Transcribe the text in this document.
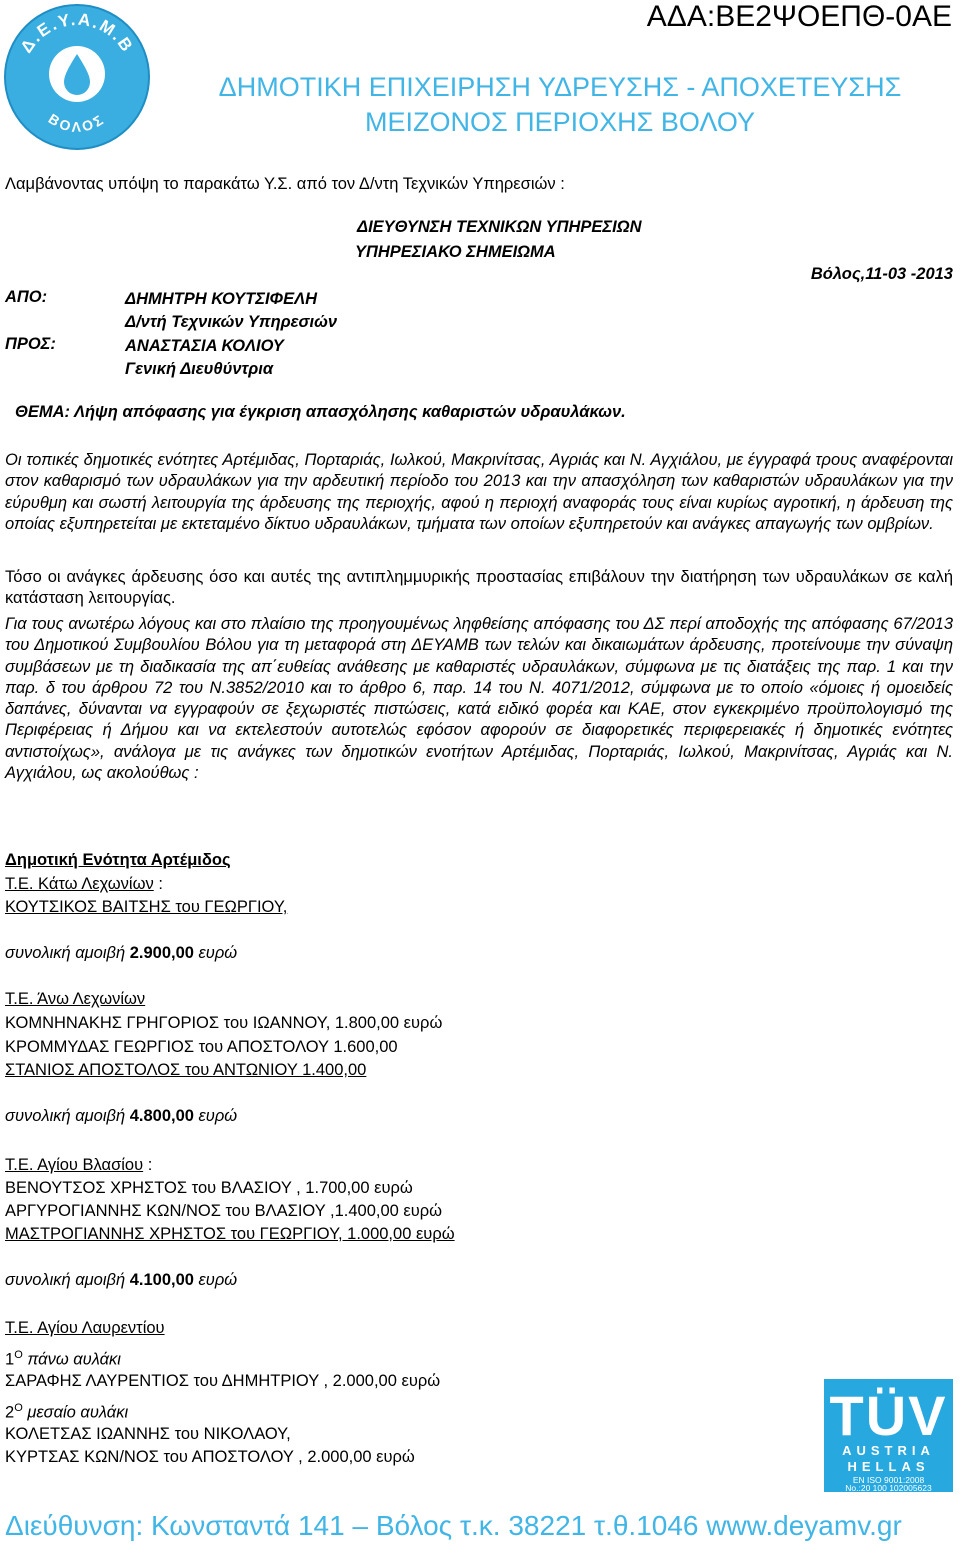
Δ.Ε.Υ.Α.Μ.Β
ΒΟΛΟΣ
ΑΔΑ:ΒΕ2ΨΟΕΠΘ-0ΑΕ
ΔΗΜΟΤΙΚΗ ΕΠΙΧΕΙΡΗΣΗ ΥΔΡΕΥΣΗΣ - ΑΠΟΧΕΤΕΥΣΗΣ
ΜΕΙΖΟΝΟΣ ΠΕΡΙΟΧΗΣ ΒΟΛΟΥ
Λαμβάνοντας υπόψη το παρακάτω Υ.Σ. από τον Δ/ντη Τεχνικών Υπηρεσιών :
ΔΙΕΥΘΥΝΣΗ ΤΕΧΝΙΚΩΝ ΥΠΗΡΕΣΙΩΝ
ΥΠΗΡΕΣΙΑΚΟ ΣΗΜΕΙΩΜΑ
Βόλος,11-03 -2013
ΑΠΟ:	ΔΗΜΗΤΡΗ ΚΟΥΤΣΙΦΕΛΗ
Δ/ντή Τεχνικών Υπηρεσιών
ΠΡΟΣ:	ΑΝΑΣΤΑΣΙΑ ΚΟΛΙΟΥ
Γενική Διευθύντρια
ΘΕΜΑ: Λήψη απόφασης για έγκριση απασχόλησης καθαριστών υδραυλάκων.
Οι τοπικές δημοτικές ενότητες Αρτέμιδας, Πορταριάς, Ιωλκού, Μακρινίτσας, Αγριάς και Ν. Αγχιάλου, με έγγραφά τρους αναφέρονται στον καθαρισμό των υδραυλάκων για την αρδευτική περίοδο του 2013 και την απασχόληση των καθαριστών υδραυλάκων για την εύρυθμη και σωστή λειτουργία της άρδευσης της περιοχής, αφού η περιοχή αναφοράς τους είναι κυρίως αγροτική, η άρδευση της οποίας εξυπηρετείται με εκτεταμένο δίκτυο υδραυλάκων, τμήματα των οποίων εξυπηρετούν και ανάγκες απαγωγής των ομβρίων.
Τόσο οι ανάγκες άρδευσης όσο και αυτές της αντιπλημμυρικής προστασίας επιβάλουν την διατήρηση των υδραυλάκων σε καλή κατάσταση λειτουργίας.
Για τους ανωτέρω λόγους και στο πλαίσιο της προηγουμένως ληφθείσης απόφασης του ΔΣ περί αποδοχής της απόφασης 67/2013 του Δημοτικού Συμβουλίου Βόλου για τη μεταφορά στη ΔΕΥΑΜΒ των τελών και δικαιωμάτων άρδευσης, προτείνουμε την σύναψη συμβάσεων με τη διαδικασία της απ΄ευθείας ανάθεσης με καθαριστές υδραυλάκων, σύμφωνα με τις διατάξεις της παρ. 1 και την παρ. δ του άρθρου 72 του Ν.3852/2010 και το άρθρο 6, παρ. 14 του Ν. 4071/2012, σύμφωνα με το οποίο «όμοιες ή ομοειδείς δαπάνες, δύνανται να εγγραφούν σε ξεχωριστές πιστώσεις, κατά ειδικό φορέα και ΚΑΕ, στον εγκεκριμένο προϋπολογισμό της Περιφέρειας ή Δήμου και να εκτελεστούν αυτοτελώς εφόσον αφορούν σε διαφορετικές περιφερειακές ή δημοτικές ενότητες αντιστοίχως», ανάλογα με τις ανάγκες των δημοτικών ενοτήτων Αρτέμιδας, Πορταριάς, Ιωλκού, Μακρινίτσας, Αγριάς και Ν. Αγχιάλου, ως ακολούθως :
Δημοτική Ενότητα Αρτέμιδος
Τ.Ε. Κάτω Λεχωνίων :
ΚΟΥΤΣΙΚΟΣ ΒΑΙΤΣΗΣ του ΓΕΩΡΓΙΟΥ,
συνολική αμοιβή 2.900,00 ευρώ
Τ.Ε. Άνω Λεχωνίων
ΚΟΜΝΗΝΑΚΗΣ ΓΡΗΓΟΡΙΟΣ του ΙΩΑΝΝΟΥ, 1.800,00 ευρώ
ΚΡΟΜΜΥΔΑΣ ΓΕΩΡΓΙΟΣ του ΑΠΟΣΤΟΛΟΥ 1.600,00
ΣΤΑΝΙΟΣ ΑΠΟΣΤΟΛΟΣ του ΑΝΤΩΝΙΟΥ 1.400,00
συνολική αμοιβή 4.800,00 ευρώ
Τ.Ε. Αγίου Βλασίου :
ΒΕΝΟΥΤΣΟΣ ΧΡΗΣΤΟΣ του ΒΛΑΣΙΟΥ , 1.700,00 ευρώ
ΑΡΓΥΡΟΓΙΑΝΝΗΣ ΚΩΝ/ΝΟΣ του ΒΛΑΣΙΟΥ ,1.400,00 ευρώ
ΜΑΣΤΡΟΓΙΑΝΝΗΣ ΧΡΗΣΤΟΣ του ΓΕΩΡΓΙΟΥ, 1.000,00 ευρώ
συνολική αμοιβή 4.100,00 ευρώ
Τ.Ε. Αγίου Λαυρεντίου
$1^O$ πάνω αυλάκι
ΣΑΡΑΦΗΣ ΛΑΥΡΕΝΤΙΟΣ του ΔΗΜΗΤΡΙΟΥ , 2.000,00 ευρώ
$2^O$ μεσαίο αυλάκι
ΚΟΛΕΤΣΑΣ ΙΩΑΝΝΗΣ του ΝΙΚΟΛΑΟΥ,
ΚΥΡΤΣΑΣ ΚΩΝ/ΝΟΣ του ΑΠΟΣΤΟΛΟΥ , 2.000,00 ευρώ
TÜV
AUSTRIA
HELLAS
EN ISO 9001:2008
No.:20 100 102005623
Διεύθυνση: Κωνσταντά 141 – Βόλος τ.κ. 38221 τ.θ.1046 www.deyamv.gr
